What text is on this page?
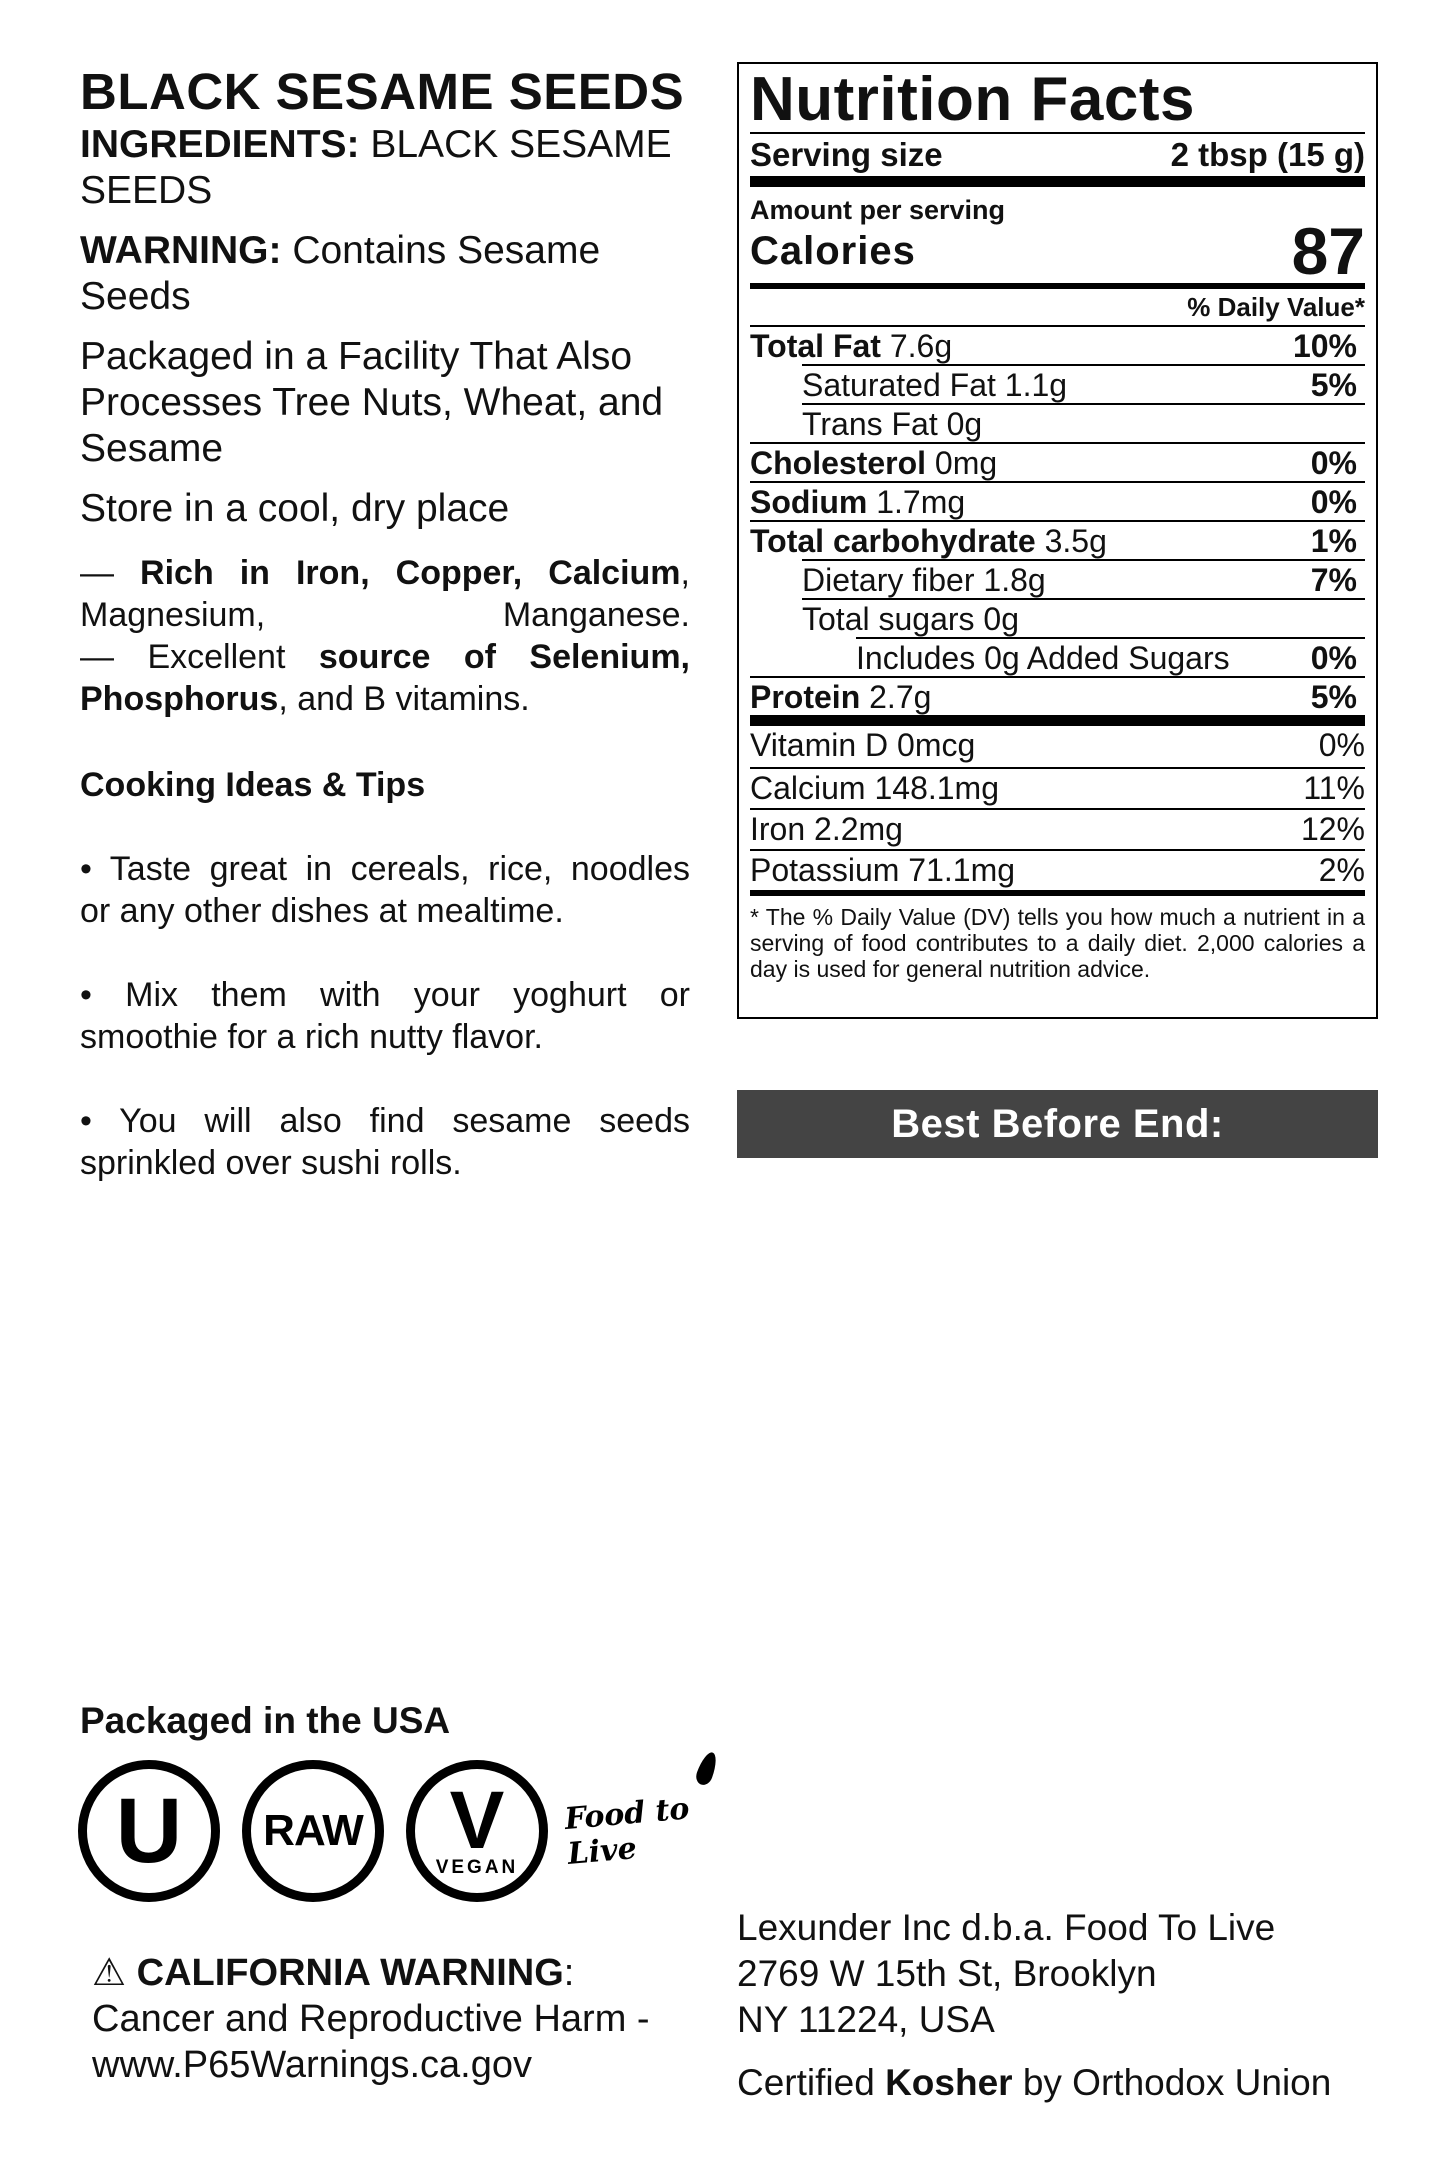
BLACK SESAME SEEDS

INGREDIENTS: BLACK SESAME SEEDS

WARNING: Contains Sesame Seeds

Packaged in a Facility That Also Processes Tree Nuts, Wheat, and Sesame

Store in a cool, dry place

— Rich in Iron, Copper, Calcium, Magnesium, Manganese.

— Excellent source of Selenium, Phosphorus, and B vitamins.

Cooking Ideas & Tips

• Taste great in cereals, rice, noodles
or any other dishes at mealtime.

• Mix them with your yoghurt or
smoothie for a rich nutty flavor.

• You will also find sesame seeds
sprinkled over sushi rolls.

Nutrition Facts
Serving size	2 tbsp (15 g)
Amount per serving
Calories	87
% Daily Value*
Total Fat 7.6g	10%
Saturated Fat 1.1g	5%
Trans Fat 0g
Cholesterol 0mg	0%
Sodium 1.7mg	0%
Total carbohydrate 3.5g	1%
Dietary fiber 1.8g	7%
Total sugars 0g
Includes 0g Added Sugars	0%
Protein 2.7g	5%
Vitamin D 0mcg	0%
Calcium 148.1mg	11%
Iron 2.2mg	12%
Potassium 71.1mg	2%
* The % Daily Value (DV) tells you how much a nutrient in a serving of food contributes to a daily diet. 2,000 calories a day is used for general nutrition advice.
Best Before End:
Packaged in the USA
U RAW V
VEGAN
Food to Live
⚠ CALIFORNIA WARNING:
Cancer and Reproductive Harm -
www.P65Warnings.ca.gov
Lexunder Inc d.b.a. Food To Live
2769 W 15th St, Brooklyn
NY 11224, USA
Certified Kosher by Orthodox Union
